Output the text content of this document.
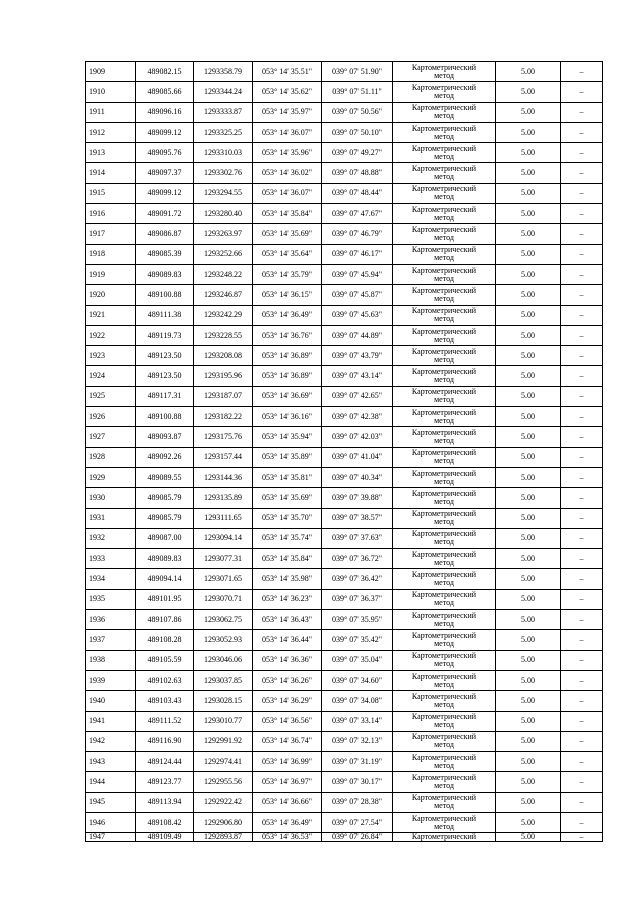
1909	489082.15	1293358.79	053° 14' 35.51"	039° 07' 51.90"	Картометрический
метод	5.00	–
1910	489085.66	1293344.24	053° 14' 35.62"	039° 07' 51.11"	Картометрический
метод	5.00	–
1911	489096.16	1293333.87	053° 14' 35.97"	039° 07' 50.56"	Картометрический
метод	5.00	–
1912	489099.12	1293325.25	053° 14' 36.07"	039° 07' 50.10"	Картометрический
метод	5.00	–
1913	489095.76	1293310.03	053° 14' 35.96"	039° 07' 49.27"	Картометрический
метод	5.00	–
1914	489097.37	1293302.76	053° 14' 36.02"	039° 07' 48.88"	Картометрический
метод	5.00	–
1915	489099.12	1293294.55	053° 14' 36.07"	039° 07' 48.44"	Картометрический
метод	5.00	–
1916	489091.72	1293280.40	053° 14' 35.84"	039° 07' 47.67"	Картометрический
метод	5.00	–
1917	489086.87	1293263.97	053° 14' 35.69"	039° 07' 46.79"	Картометрический
метод	5.00	–
1918	489085.39	1293252.66	053° 14' 35.64"	039° 07' 46.17"	Картометрический
метод	5.00	–
1919	489089.83	1293248.22	053° 14' 35.79"	039° 07' 45.94"	Картометрический
метод	5.00	–
1920	489100.88	1293246.87	053° 14' 36.15"	039° 07' 45.87"	Картометрический
метод	5.00	–
1921	489111.38	1293242.29	053° 14' 36.49"	039° 07' 45.63"	Картометрический
метод	5.00	–
1922	489119.73	1293228.55	053° 14' 36.76"	039° 07' 44.89"	Картометрический
метод	5.00	–
1923	489123.50	1293208.08	053° 14' 36.89"	039° 07' 43.79"	Картометрический
метод	5.00	–
1924	489123.50	1293195.96	053° 14' 36.89"	039° 07' 43.14"	Картометрический
метод	5.00	–
1925	489117.31	1293187.07	053° 14' 36.69"	039° 07' 42.65"	Картометрический
метод	5.00	–
1926	489100.88	1293182.22	053° 14' 36.16"	039° 07' 42.38"	Картометрический
метод	5.00	–
1927	489093.87	1293175.76	053° 14' 35.94"	039° 07' 42.03"	Картометрический
метод	5.00	–
1928	489092.26	1293157.44	053° 14' 35.89"	039° 07' 41.04"	Картометрический
метод	5.00	–
1929	489089.55	1293144.36	053° 14' 35.81"	039° 07' 40.34"	Картометрический
метод	5.00	–
1930	489085.79	1293135.89	053° 14' 35.69"	039° 07' 39.88"	Картометрический
метод	5.00	–
1931	489085.79	1293111.65	053° 14' 35.70"	039° 07' 38.57"	Картометрический
метод	5.00	–
1932	489087.00	1293094.14	053° 14' 35.74"	039° 07' 37.63"	Картометрический
метод	5.00	–
1933	489089.83	1293077.31	053° 14' 35.84"	039° 07' 36.72"	Картометрический
метод	5.00	–
1934	489094.14	1293071.65	053° 14' 35.98"	039° 07' 36.42"	Картометрический
метод	5.00	–
1935	489101.95	1293070.71	053° 14' 36.23"	039° 07' 36.37"	Картометрический
метод	5.00	–
1936	489107.86	1293062.75	053° 14' 36.43"	039° 07' 35.95"	Картометрический
метод	5.00	–
1937	489108.28	1293052.93	053° 14' 36.44"	039° 07' 35.42"	Картометрический
метод	5.00	–
1938	489105.59	1293046.06	053° 14' 36.36"	039° 07' 35.04"	Картометрический
метод	5.00	–
1939	489102.63	1293037.85	053° 14' 36.26"	039° 07' 34.60"	Картометрический
метод	5.00	–
1940	489103.43	1293028.15	053° 14' 36.29"	039° 07' 34.08"	Картометрический
метод	5.00	–
1941	489111.52	1293010.77	053° 14' 36.56"	039° 07' 33.14"	Картометрический
метод	5.00	–
1942	489116.90	1292991.92	053° 14' 36.74"	039° 07' 32.13"	Картометрический
метод	5.00	–
1943	489124.44	1292974.41	053° 14' 36.99"	039° 07' 31.19"	Картометрический
метод	5.00	–
1944	489123.77	1292955.56	053° 14' 36.97"	039° 07' 30.17"	Картометрический
метод	5.00	–
1945	489113.94	1292922.42	053° 14' 36.66"	039° 07' 28.38"	Картометрический
метод	5.00	–
1946	489108.42	1292906.80	053° 14' 36.49"	039° 07' 27.54"	Картометрический
метод	5.00	–
1947	489109.49	1292893.87	053° 14' 36.53"	039° 07' 26.84"	Картометрический	5.00	–
